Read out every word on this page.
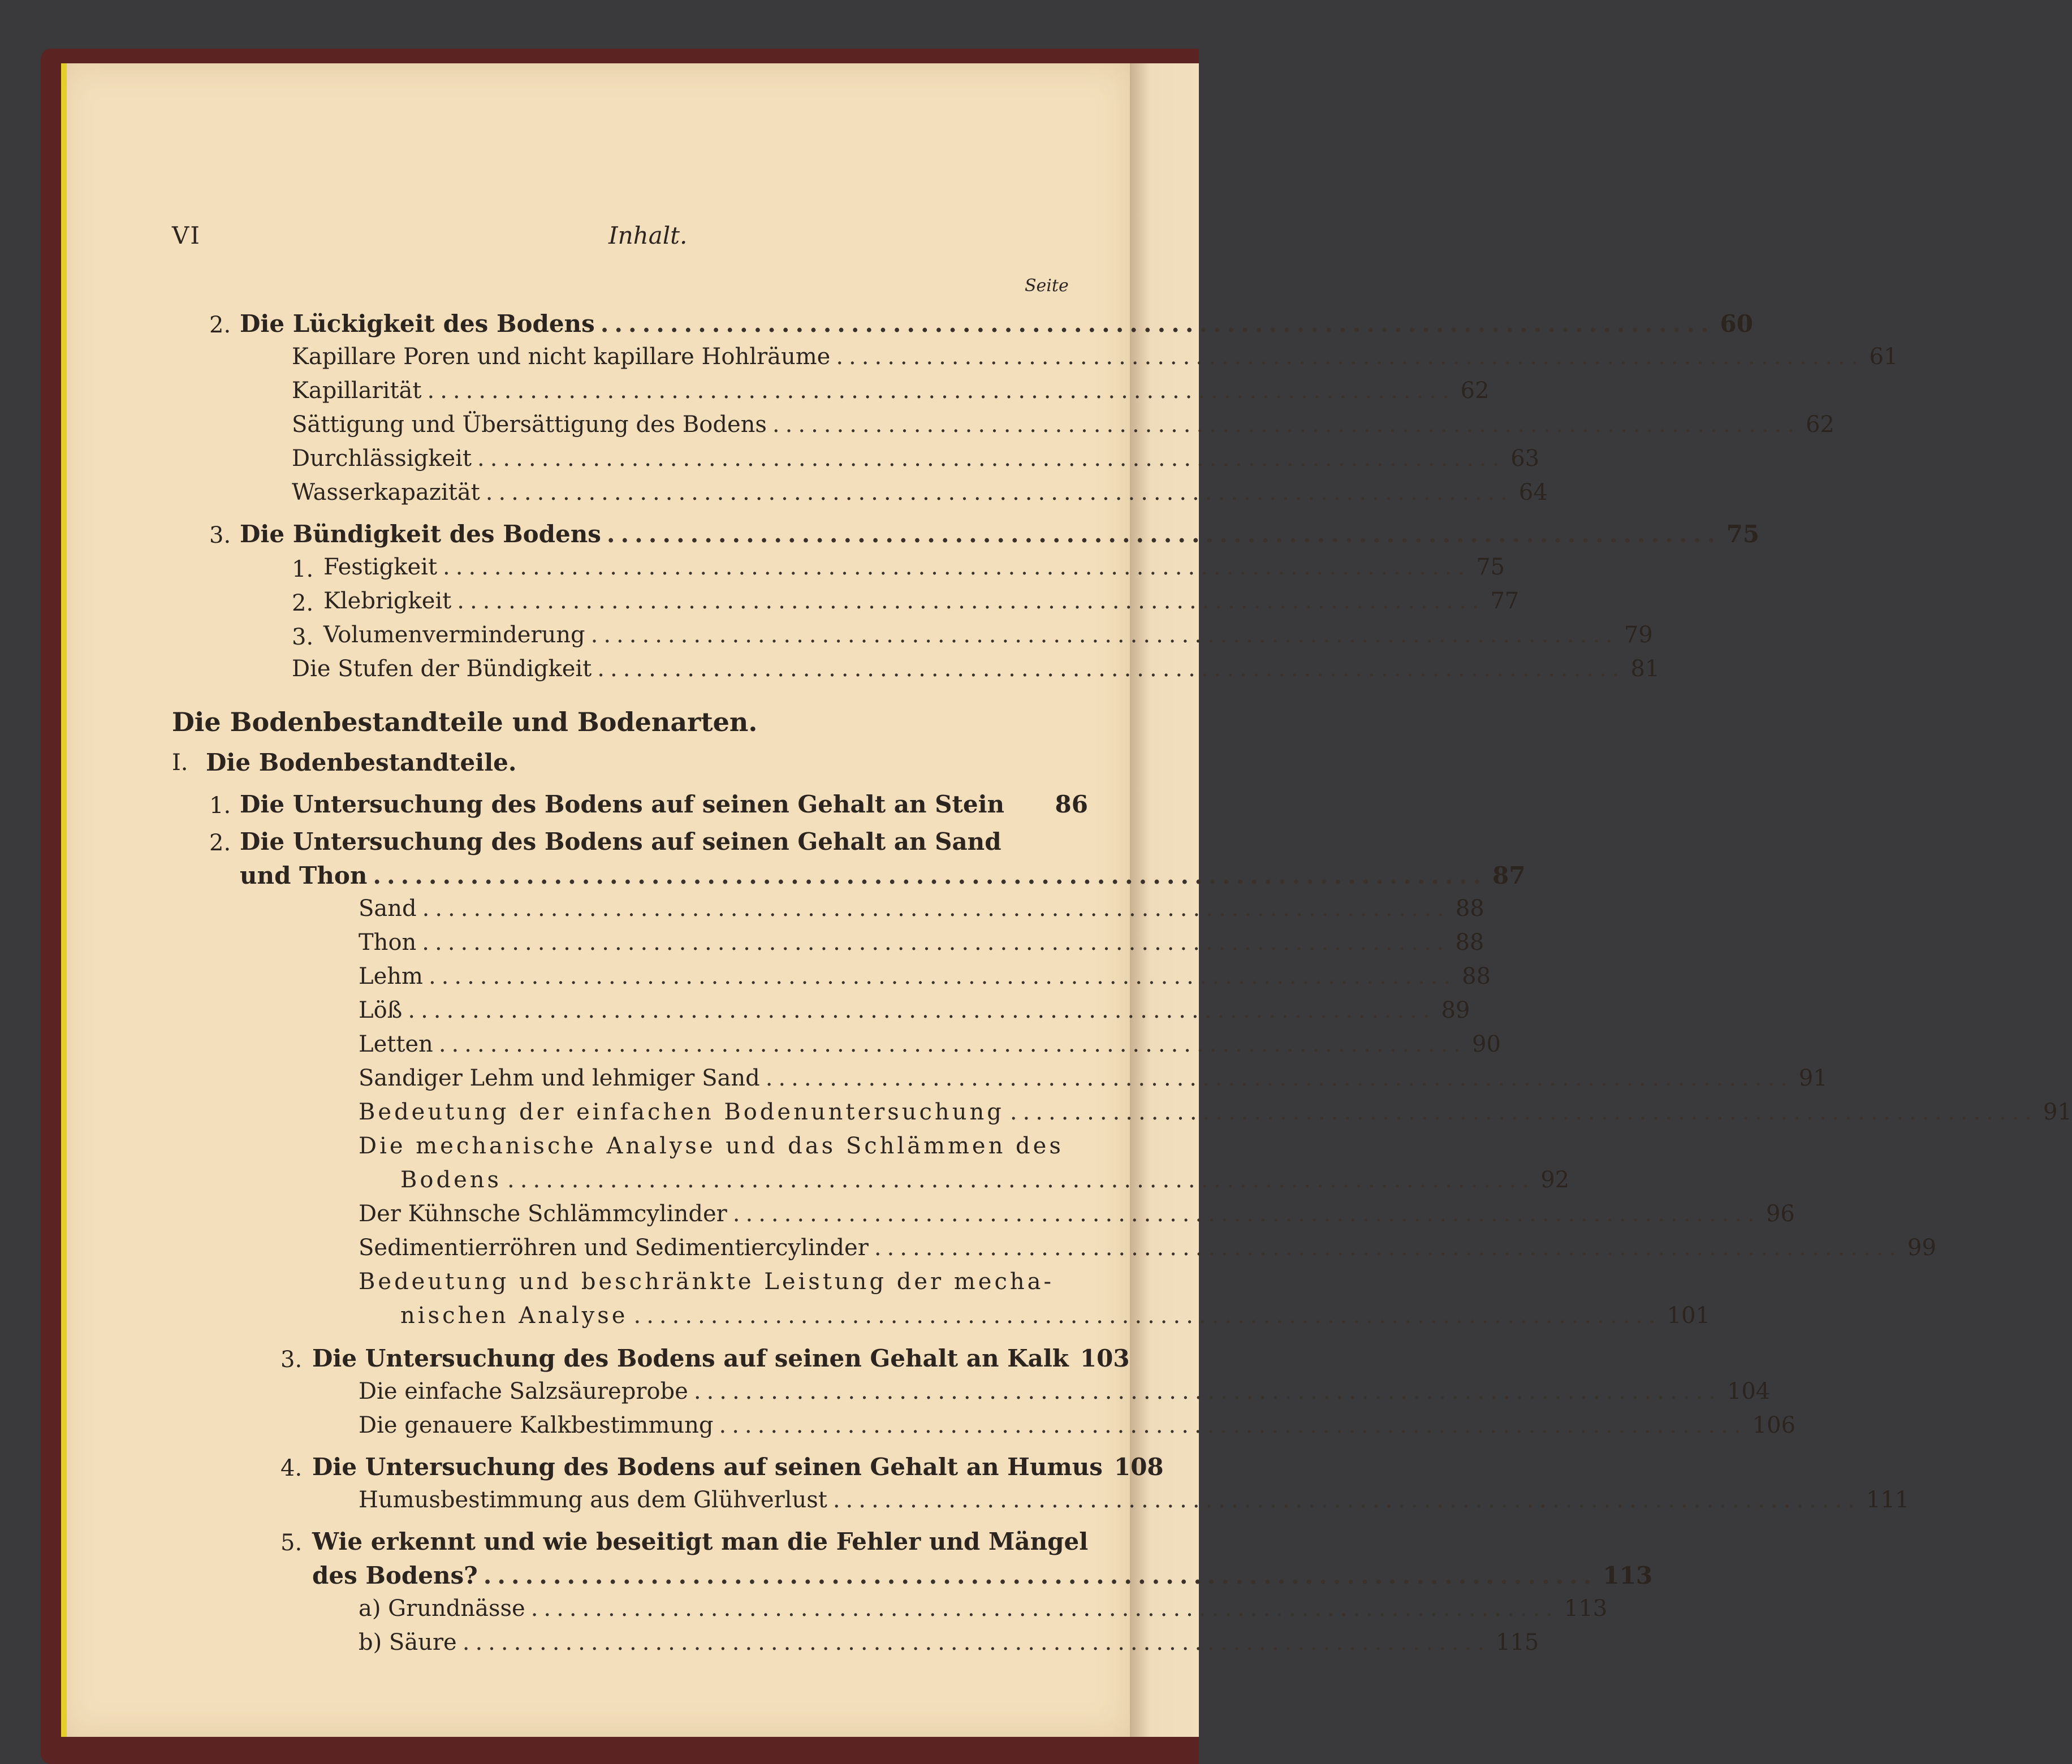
VI	Inhalt.
Seite
2. Die Lückigkeit des Bodens ................................................................................ 60
Kapillare Poren und nicht kapillare Hohlräume ................................................................................ 61
Kapillarität ................................................................................ 62
Sättigung und Übersättigung des Bodens ................................................................................ 62
Durchlässigkeit ................................................................................ 63
Wasserkapazität ................................................................................ 64
3. Die Bündigkeit des Bodens ................................................................................ 75
1. Festigkeit ................................................................................ 75
2. Klebrigkeit ................................................................................ 77
3. Volumenverminderung ................................................................................ 79
Die Stufen der Bündigkeit ................................................................................ 81
Die Bodenbestandteile und Bodenarten.
I. Die Bodenbestandteile.
1. Die Untersuchung des Bodens auf seinen Gehalt an Stein	86
2. Die Untersuchung des Bodens auf seinen Gehalt an Sand
und Thon ................................................................................ 87
Sand ................................................................................ 88
Thon ................................................................................ 88
Lehm ................................................................................ 88
Löß ................................................................................ 89
Letten ................................................................................ 90
Sandiger Lehm und lehmiger Sand ................................................................................ 91
Bedeutung der einfachen Bodenuntersuchung ................................................................................ 91
Die mechanische Analyse und das Schlämmen des
Bodens ................................................................................ 92
Der Kühnsche Schlämmcylinder ................................................................................ 96
Sedimentierröhren und Sedimentiercylinder ................................................................................ 99
Bedeutung und beschränkte Leistung der mecha-
nischen Analyse ................................................................................ 101
3. Die Untersuchung des Bodens auf seinen Gehalt an Kalk 103
Die einfache Salzsäureprobe ................................................................................ 104
Die genauere Kalkbestimmung ................................................................................ 106
4. Die Untersuchung des Bodens auf seinen Gehalt an Humus 108
Humusbestimmung aus dem Glühverlust ................................................................................ 111
5. Wie erkennt und wie beseitigt man die Fehler und Mängel
des Bodens? ................................................................................ 113
a) Grundnässe ................................................................................ 113
b) Säure ................................................................................ 115
